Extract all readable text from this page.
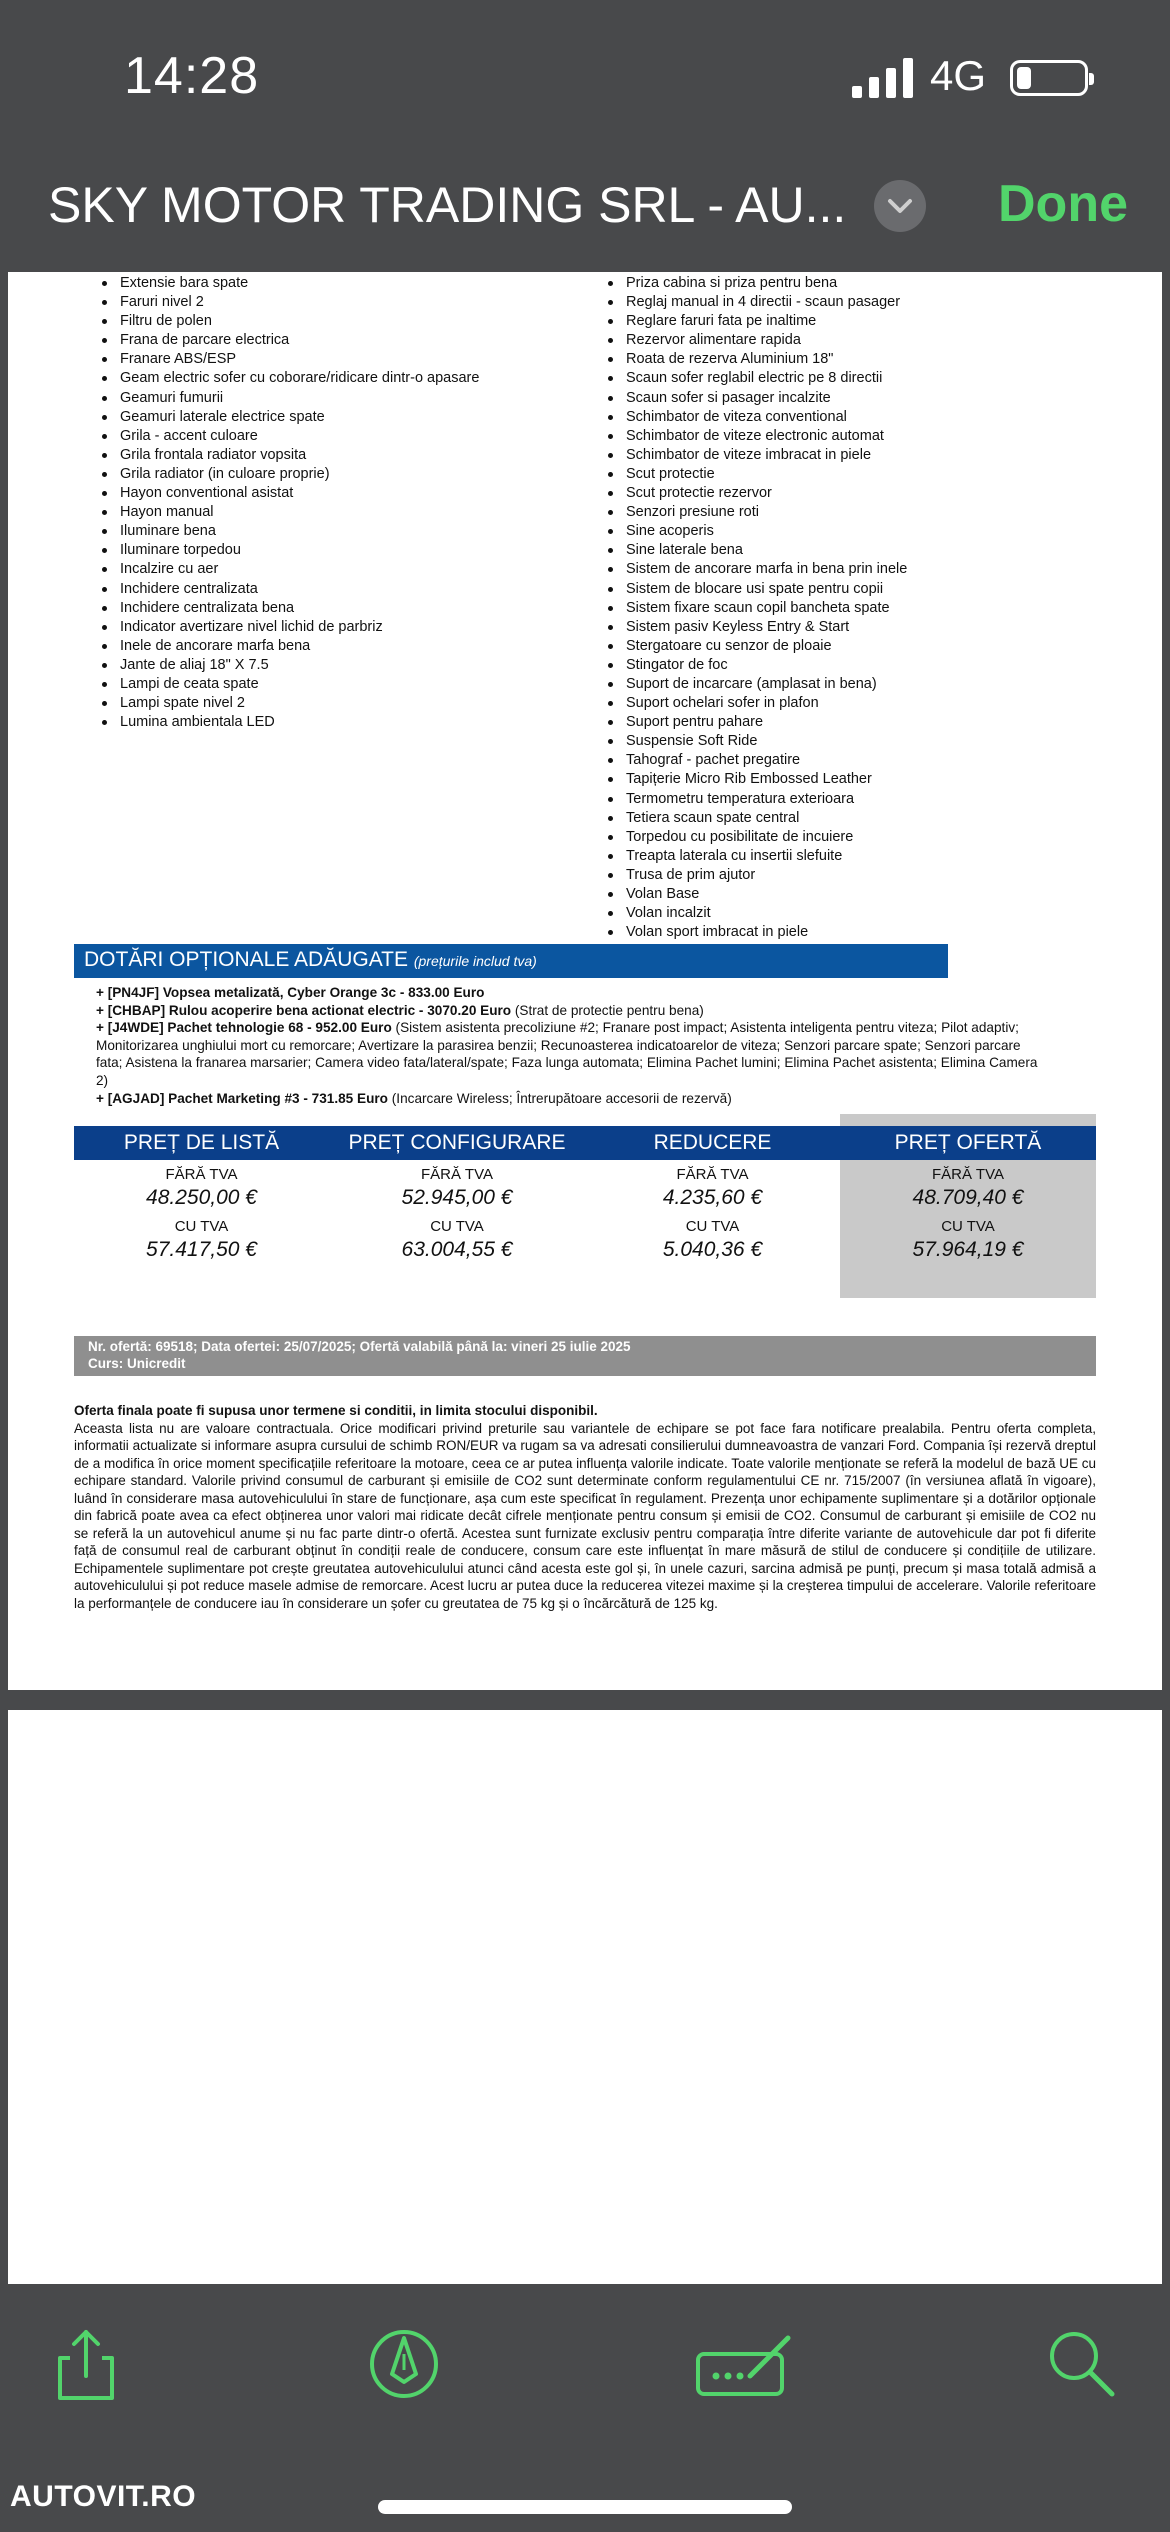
14:28	4G
SKY MOTOR TRADING SRL - AU...	Done
Extensie bara spate
Faruri nivel 2
Filtru de polen
Frana de parcare electrica
Franare ABS/ESP
Geam electric sofer cu coborare/ridicare dintr-o apasare
Geamuri fumurii
Geamuri laterale electrice spate
Grila - accent culoare
Grila frontala radiator vopsita
Grila radiator (in culoare proprie)
Hayon conventional asistat
Hayon manual
Iluminare bena
Iluminare torpedou
Incalzire cu aer
Inchidere centralizata
Inchidere centralizata bena
Indicator avertizare nivel lichid de parbriz
Inele de ancorare marfa bena
Jante de aliaj 18" X 7.5
Lampi de ceata spate
Lampi spate nivel 2
Lumina ambientala LED
Priza cabina si priza pentru bena
Reglaj manual in 4 directii - scaun pasager
Reglare faruri fata pe inaltime
Rezervor alimentare rapida
Roata de rezerva Aluminium 18"
Scaun sofer reglabil electric pe 8 directii
Scaun sofer si pasager incalzite
Schimbator de viteza conventional
Schimbator de viteze electronic automat
Schimbator de viteze imbracat in piele
Scut protectie
Scut protectie rezervor
Senzori presiune roti
Sine acoperis
Sine laterale bena
Sistem de ancorare marfa in bena prin inele
Sistem de blocare usi spate pentru copii
Sistem fixare scaun copil bancheta spate
Sistem pasiv Keyless Entry & Start
Stergatoare cu senzor de ploaie
Stingator de foc
Suport de incarcare (amplasat in bena)
Suport ochelari sofer in plafon
Suport pentru pahare
Suspensie Soft Ride
Tahograf - pachet pregatire
Tapițerie Micro Rib Embossed Leather
Termometru temperatura exterioara
Tetiera scaun spate central
Torpedou cu posibilitate de incuiere
Treapta laterala cu insertii slefuite
Trusa de prim ajutor
Volan Base
Volan incalzit
Volan sport imbracat in piele
DOTĂRI OPȚIONALE ADĂUGATE (prețurile includ tva)
+ [PN4JF] Vopsea metalizată, Cyber Orange 3c - 833.00 Euro
+ [CHBAP] Rulou acoperire bena actionat electric - 3070.20 Euro (Strat de protectie pentru bena)
+ [J4WDE] Pachet tehnologie 68 - 952.00 Euro (Sistem asistenta precoliziune #2; Franare post impact; Asistenta inteligenta pentru viteza; Pilot adaptiv; Monitorizarea unghiului mort cu remorcare; Avertizare la parasirea benzii; Recunoasterea indicatoarelor de viteza; Senzori parcare spate; Senzori parcare fata; Asistena la franarea marsarier; Camera video fata/lateral/spate; Faza lunga automata; Elimina Pachet lumini; Elimina Pachet asistenta; Elimina Camera 2)
+ [AGJAD] Pachet Marketing #3 - 731.85 Euro (Incarcare Wireless; Întrerupătoare accesorii de rezervă)
PREȚ DE LISTĂ
FĂRĂ TVA
48.250,00 €
CU TVA
57.417,50 €
PREȚ CONFIGURARE
FĂRĂ TVA
52.945,00 €
CU TVA
63.004,55 €
REDUCERE
FĂRĂ TVA
4.235,60 €
CU TVA
5.040,36 €
PREȚ OFERTĂ
FĂRĂ TVA
48.709,40 €
CU TVA
57.964,19 €
Nr. ofertă: 69518; Data ofertei: 25/07/2025; Ofertă valabilă până la: vineri 25 iulie 2025
Curs: Unicredit
Oferta finala poate fi supusa unor termene si conditii, in limita stocului disponibil.
Aceasta lista nu are valoare contractuala. Orice modificari privind preturile sau variantele de echipare se pot face fara notificare prealabila. Pentru oferta completa, informatii actualizate si informare asupra cursului de schimb RON/EUR va rugam sa va adresati consilierului dumneavoastra de vanzari Ford. Compania își rezervă dreptul de a modifica în orice moment specificațiile referitoare la motoare, ceea ce ar putea influența valorile indicate. Toate valorile menționate se referă la modelul de bază UE cu echipare standard. Valorile privind consumul de carburant și emisiile de CO2 sunt determinate conform regulamentului CE nr. 715/2007 (în versiunea aflată în vigoare), luând în considerare masa autovehiculului în stare de funcționare, așa cum este specificat în regulament. Prezența unor echipamente suplimentare și a dotărilor opționale din fabrică poate avea ca efect obținerea unor valori mai ridicate decât cifrele menționate pentru consum și emisii de CO2. Consumul de carburant și emisiile de CO2 nu se referă la un autovehicul anume și nu fac parte dintr-o ofertă. Acestea sunt furnizate exclusiv pentru comparația între diferite variante de autovehicule dar pot fi diferite față de consumul real de carburant obținut în condiții reale de conducere, consum care este influențat în mare măsură de stilul de conducere și condițiile de utilizare. Echipamentele suplimentare pot crește greutatea autovehiculului atunci când acesta este gol și, în unele cazuri, sarcina admisă pe punți, precum și masa totală admisă a autovehiculului și pot reduce masele admise de remorcare. Acest lucru ar putea duce la reducerea vitezei maxime și la creșterea timpului de accelerare. Valorile referitoare la performanțele de conducere iau în considerare un șofer cu greutatea de 75 kg și o încărcătură de 125 kg.
AUTOVIT.RO
